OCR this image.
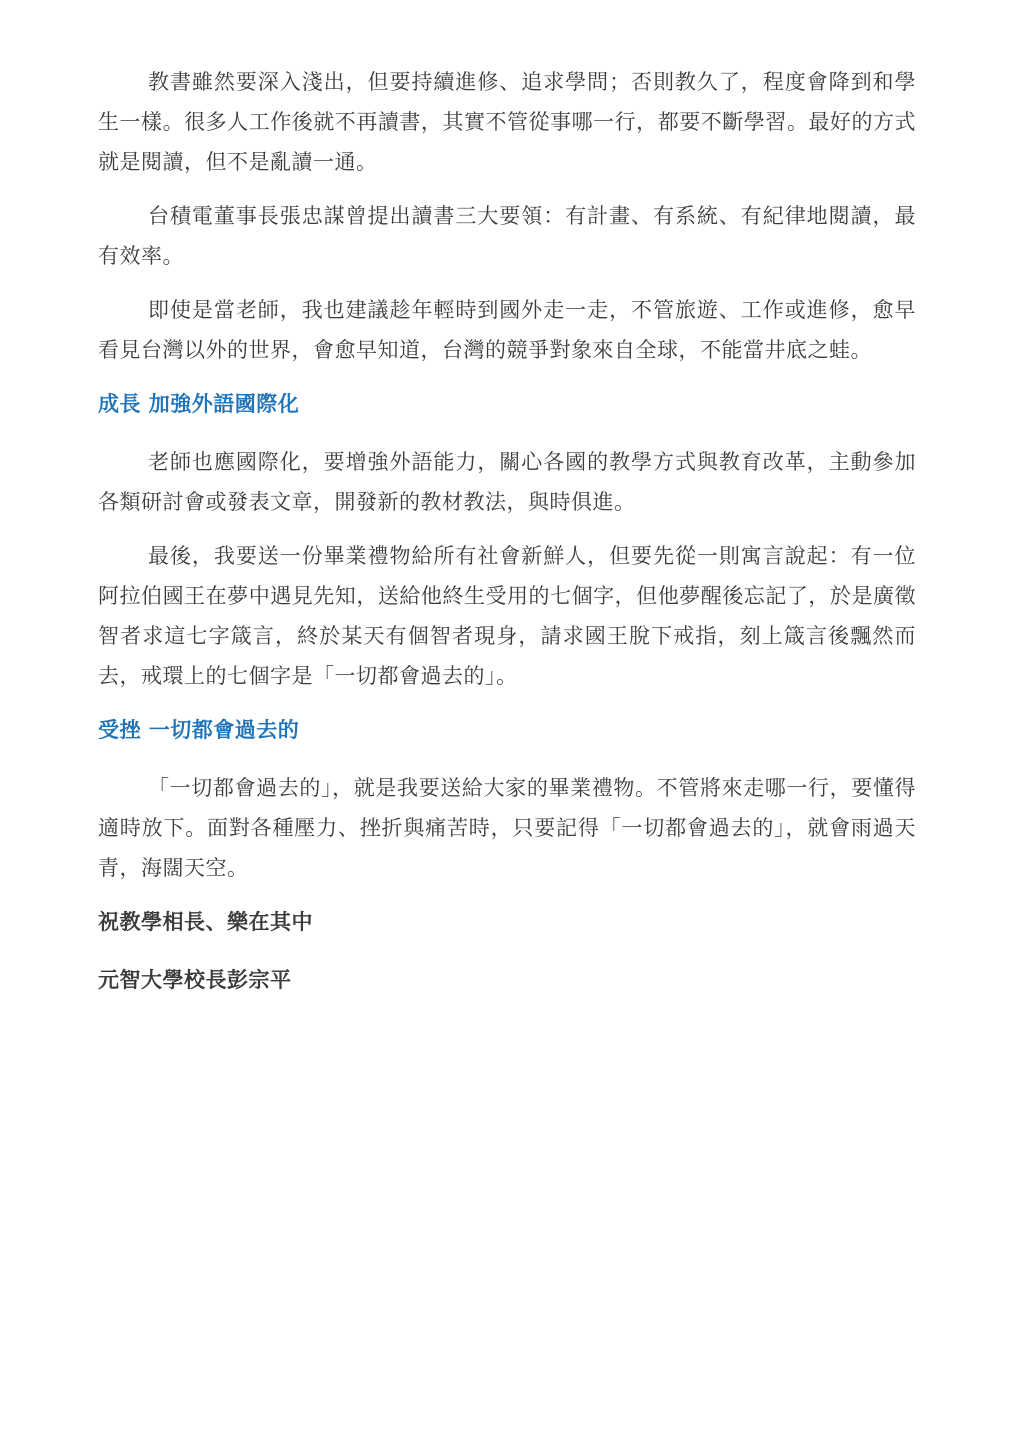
教書雖然要深入淺出，但要持續進修、追求學問；否則教久了，程度會降到和學生一樣。很多人工作後就不再讀書，其實不管從事哪一行，都要不斷學習。最好的方式就是閱讀，但不是亂讀一通。

台積電董事長張忠謀曾提出讀書三大要領：有計畫、有系統、有紀律地閱讀，最有效率。

即使是當老師，我也建議趁年輕時到國外走一走，不管旅遊、工作或進修，愈早看見台灣以外的世界，會愈早知道，台灣的競爭對象來自全球，不能當井底之蛙。

成長 加強外語國際化

老師也應國際化，要增強外語能力，關心各國的教學方式與教育改革，主動參加各類研討會或發表文章，開發新的教材教法，與時俱進。

最後，我要送一份畢業禮物給所有社會新鮮人，但要先從一則寓言說起：有一位阿拉伯國王在夢中遇見先知，送給他終生受用的七個字，但他夢醒後忘記了，於是廣徵智者求這七字箴言，終於某天有個智者現身，請求國王脫下戒指，刻上箴言後飄然而去，戒環上的七個字是「一切都會過去的」。

受挫 一切都會過去的

「一切都會過去的」，就是我要送給大家的畢業禮物。不管將來走哪一行，要懂得適時放下。面對各種壓力、挫折與痛苦時，只要記得「一切都會過去的」，就會雨過天青，海闊天空。

祝教學相長、樂在其中

元智大學校長彭宗平
